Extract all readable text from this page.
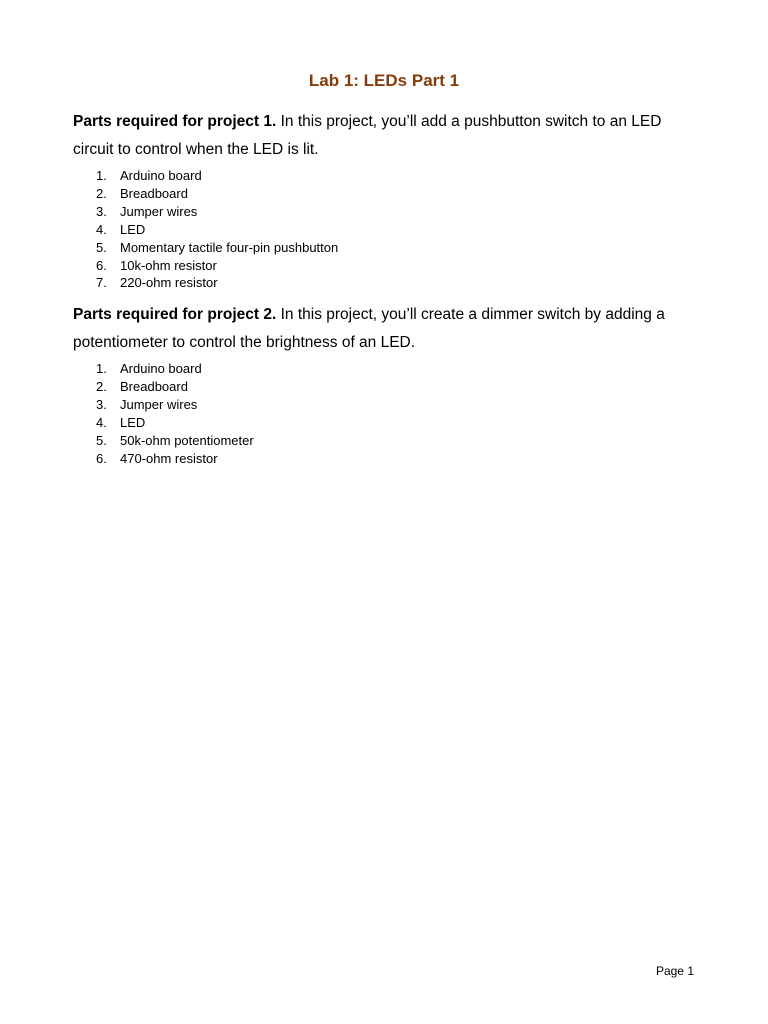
Lab 1: LEDs Part 1

Parts required for project 1. In this project, you’ll add a pushbutton switch to an LED circuit to control when the LED is lit.

1. Arduino board
2. Breadboard
3. Jumper wires
4. LED
5. Momentary tactile four-pin pushbutton
6. 10k-ohm resistor
7. 220-ohm resistor

Parts required for project 2. In this project, you’ll create a dimmer switch by adding a potentiometer to control the brightness of an LED.

1. Arduino board
2. Breadboard
3. Jumper wires
4. LED
5. 50k-ohm potentiometer
6. 470-ohm resistor
Page 1
